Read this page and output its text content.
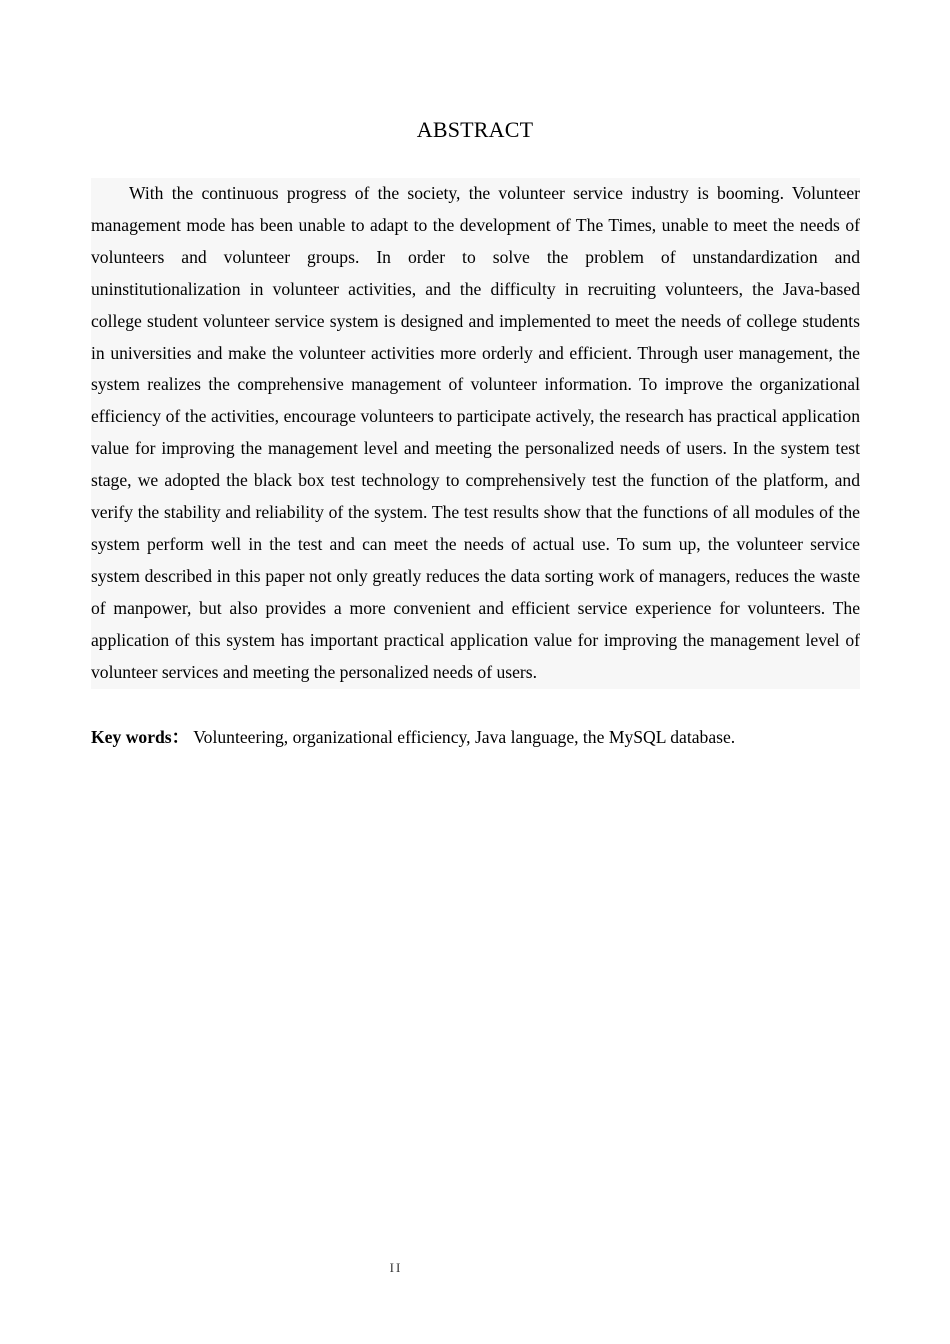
ABSTRACT

With the continuous progress of the society, the volunteer service industry is booming. Volunteer management mode has been unable to adapt to the development of The Times, unable to meet the needs of volunteers and volunteer groups. In order to solve the problem of unstandardization and uninstitutionalization in volunteer activities, and the difficulty in recruiting volunteers, the Java-based college student volunteer service system is designed and implemented to meet the needs of college students in universities and make the volunteer activities more orderly and efficient. Through user management, the system realizes the comprehensive management of volunteer information. To improve the organizational efficiency of the activities, encourage volunteers to participate actively, the research has practical application value for improving the management level and meeting the personalized needs of users. In the system test stage, we adopted the black box test technology to comprehensively test the function of the platform, and verify the stability and reliability of the system. The test results show that the functions of all modules of the system perform well in the test and can meet the needs of actual use. To sum up, the volunteer service system described in this paper not only greatly reduces the data sorting work of managers, reduces the waste of manpower, but also provides a more convenient and efficient service experience for volunteers. The application of this system has important practical application value for improving the management level of volunteer services and meeting the personalized needs of users.

Key words： Volunteering, organizational efficiency, Java language, the MySQL database.

II
